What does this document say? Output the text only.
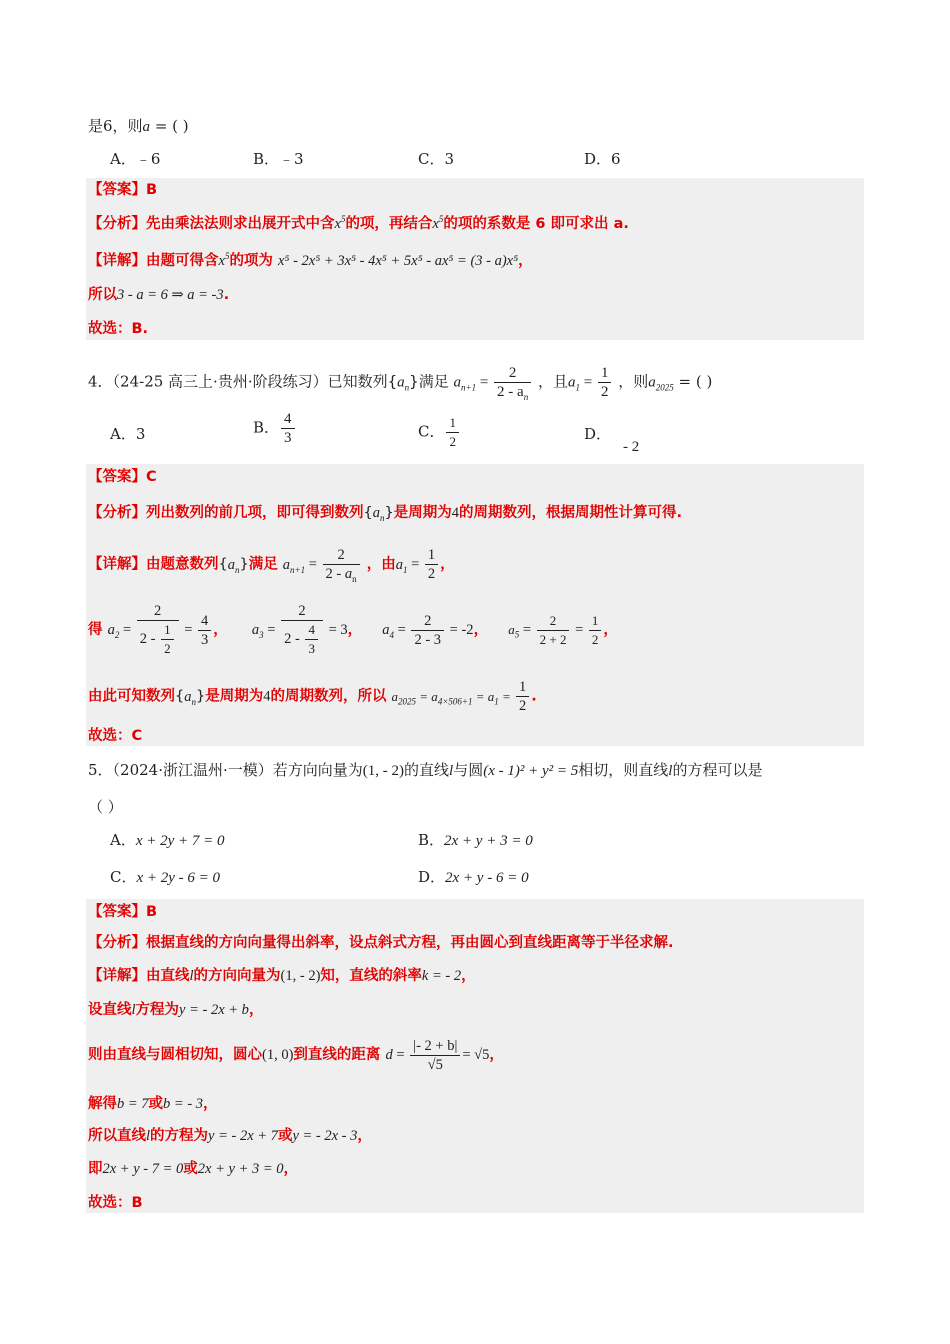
是6，则a = ( )
A．﹣6	B．﹣3	C．3	D．6
【答案】B
【分析】先由乘法法则求出展开式中含$x^5$的项，再结合$x^5$的项的系数是 6 即可求出 a.
【详解】由题可得含$x^5$的项为 x⁵ - 2x⁵ + 3x⁵ - 4x⁵ + 5x⁵ - ax⁵ = (3 - a)x⁵，
所以3 - a = 6 ⇒ a = -3.
故选：B.
4．（24-25 高三上·贵州·阶段练习）已知数列$\{a_n\}$满足 $a_{n+1} = \frac{2}{2 - a_n}$ ，且$a_1 = \frac{1}{2}$ ，则$a_{2025}$ = ( )
A．3	B． $\frac{4}{3}$	C． $\frac{1}{2}$	D．- 2
【答案】C
【分析】列出数列的前几项，即可得到数列$\{a_n\}$是周期为4的周期数列，根据周期性计算可得.
【详解】由题意数列$\{a_n\}$满足 $a_{n+1} = \frac{2}{2 - a_n}$ ，由$a_1 = \frac{1}{2}$ ，
得 $a_2 = \frac{2}{2 - \frac{1}{2}} = \frac{4}{3}$ ， $a_3 = \frac{2}{2 - \frac{4}{3}} = 3$， $a_4 = \frac{2}{2 - 3} = -2$， $a_5 = \frac{2}{2 + 2} = \frac{1}{2}$ ，
由此可知数列$\{a_n\}$是周期为4的周期数列，所以 $a_{2025} = a_{4\times 506+1} = a_1 = \frac{1}{2}$ .
故选：C
5．（2024·浙江温州·一模）若方向向量为(1, - 2)的直线l与圆(x - 1)² + y² = 5相切，则直线l的方程可以是
（ ）
A．x + 2y + 7 = 0	B．2x + y + 3 = 0
C．x + 2y - 6 = 0	D．2x + y - 6 = 0
【答案】B
【分析】根据直线的方向向量得出斜率，设点斜式方程，再由圆心到直线距离等于半径求解.
【详解】由直线l的方向向量为(1, - 2)知，直线的斜率k = - 2，
设直线l方程为y = - 2x + b，
则由直线与圆相切知，圆心(1, 0)到直线的距离 $d = \frac{|- 2 + b|}{√5} = √5$，
解得b = 7或b = - 3，
所以直线l的方程为y = - 2x + 7或y = - 2x - 3，
即2x + y - 7 = 0或2x + y + 3 = 0，
故选：B
